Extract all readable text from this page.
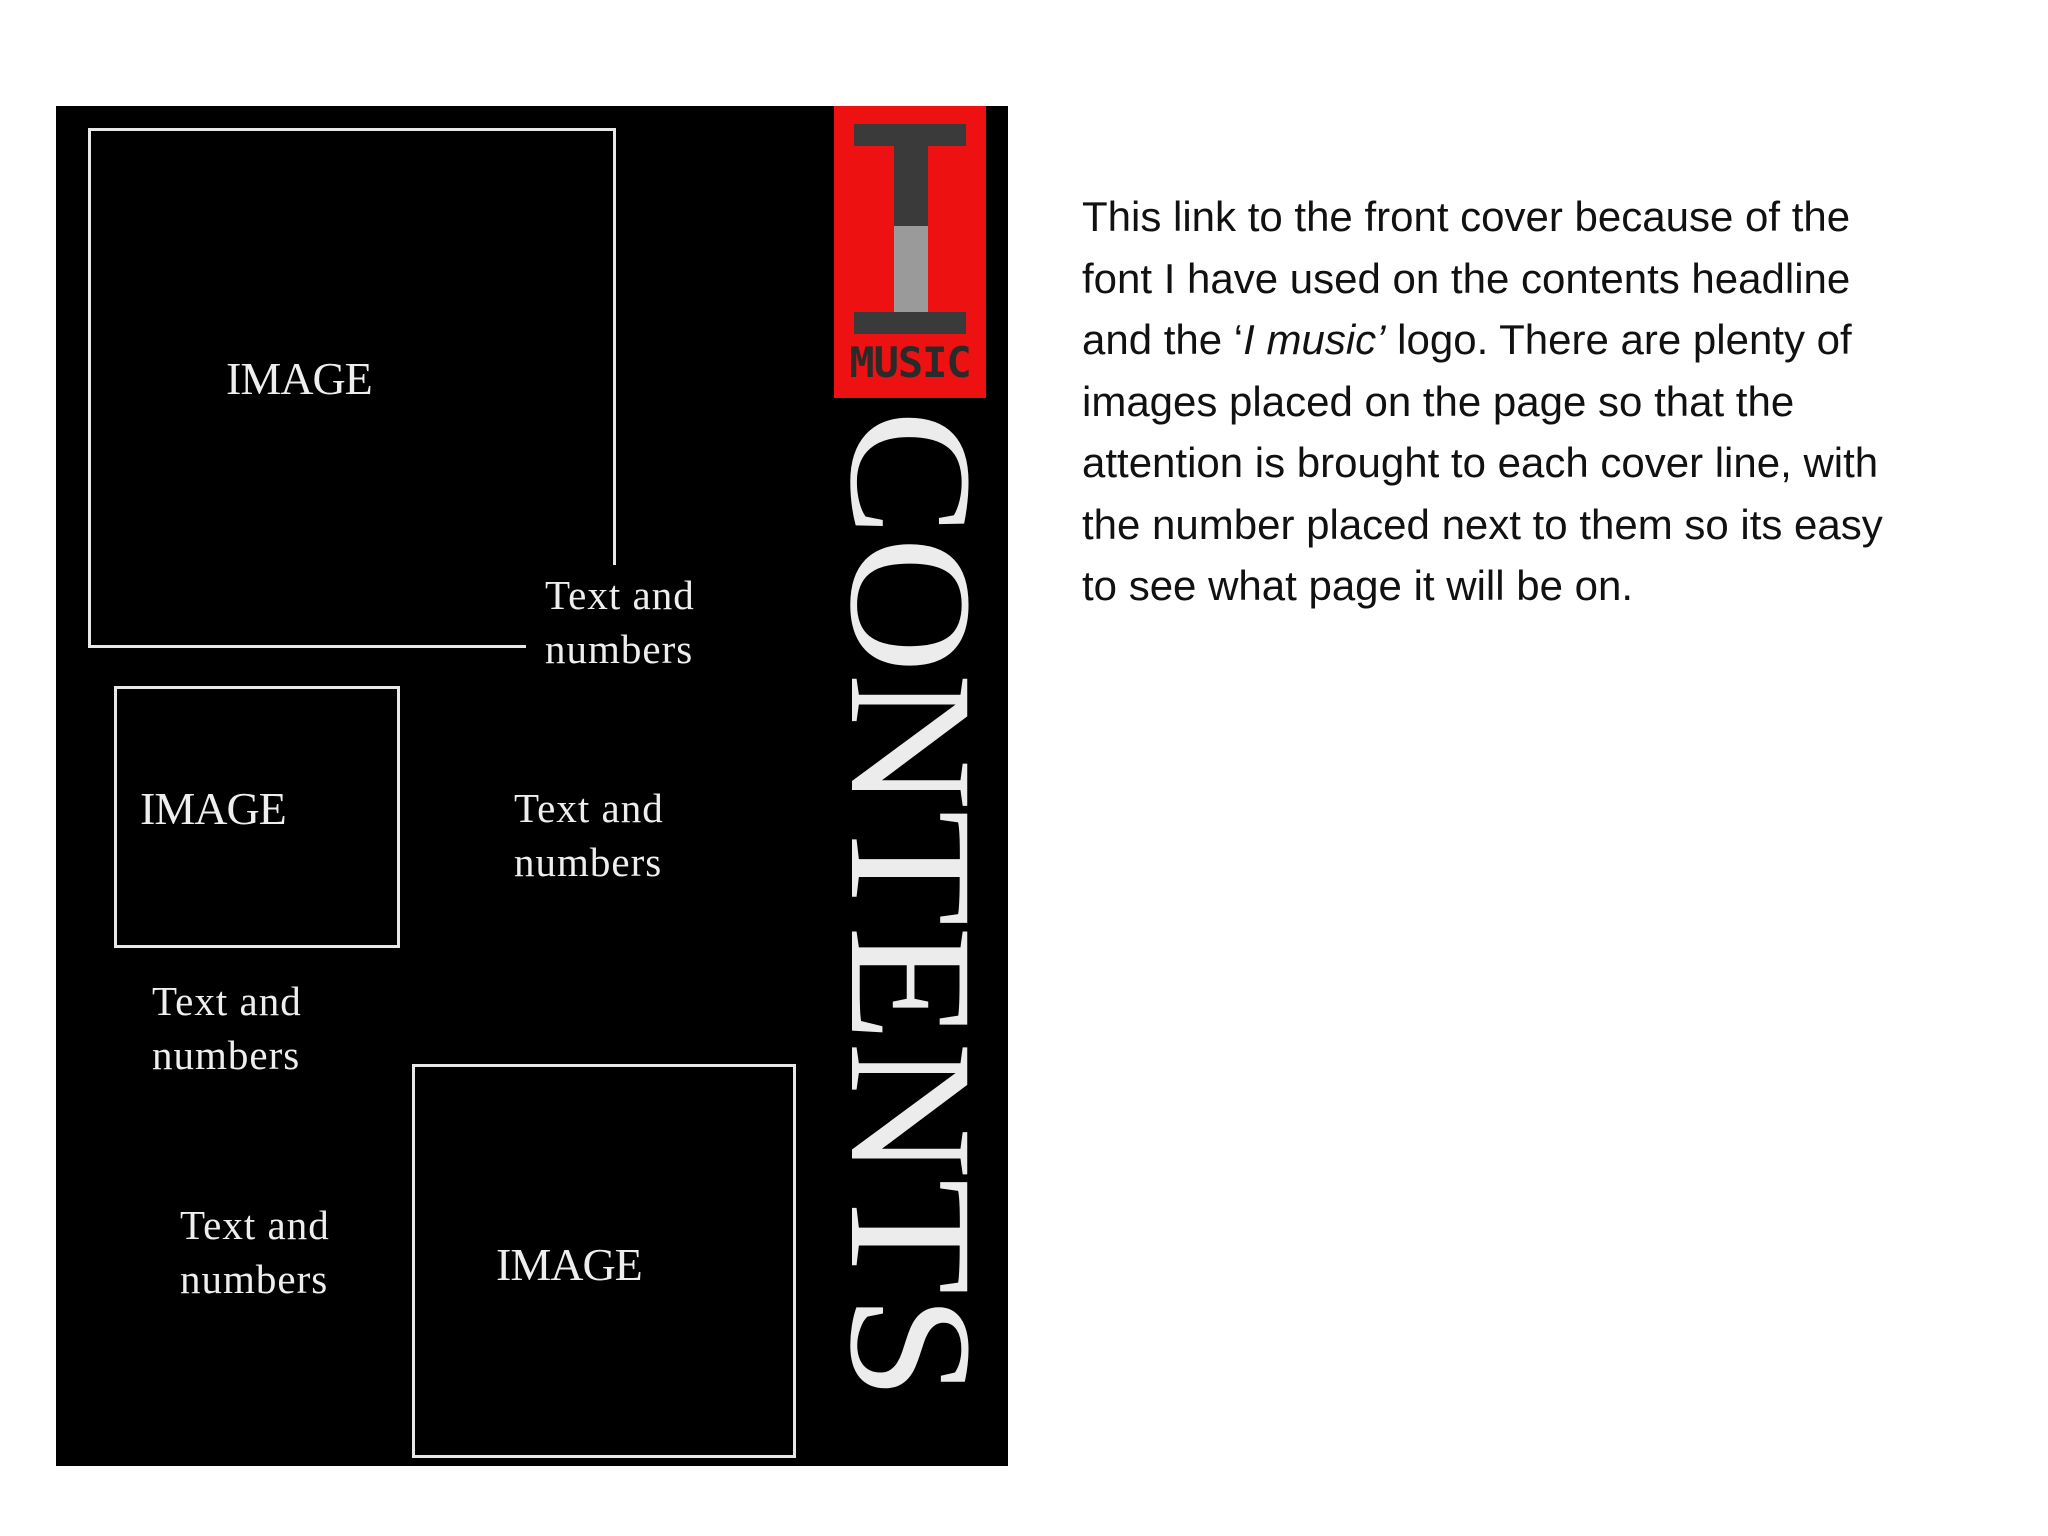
IMAGE
Text and
numbers
IMAGE	Text and
numbers
Text and
numbers
IMAGE
Text and
numbers
MUSIC
CONTENTS

This link to the front cover because of the font I have used on the contents headline and the ‘I music’ logo. There are plenty of images placed on the page so that the attention is brought to each cover line, with the number placed next to them so its easy to see what page it will be on.
